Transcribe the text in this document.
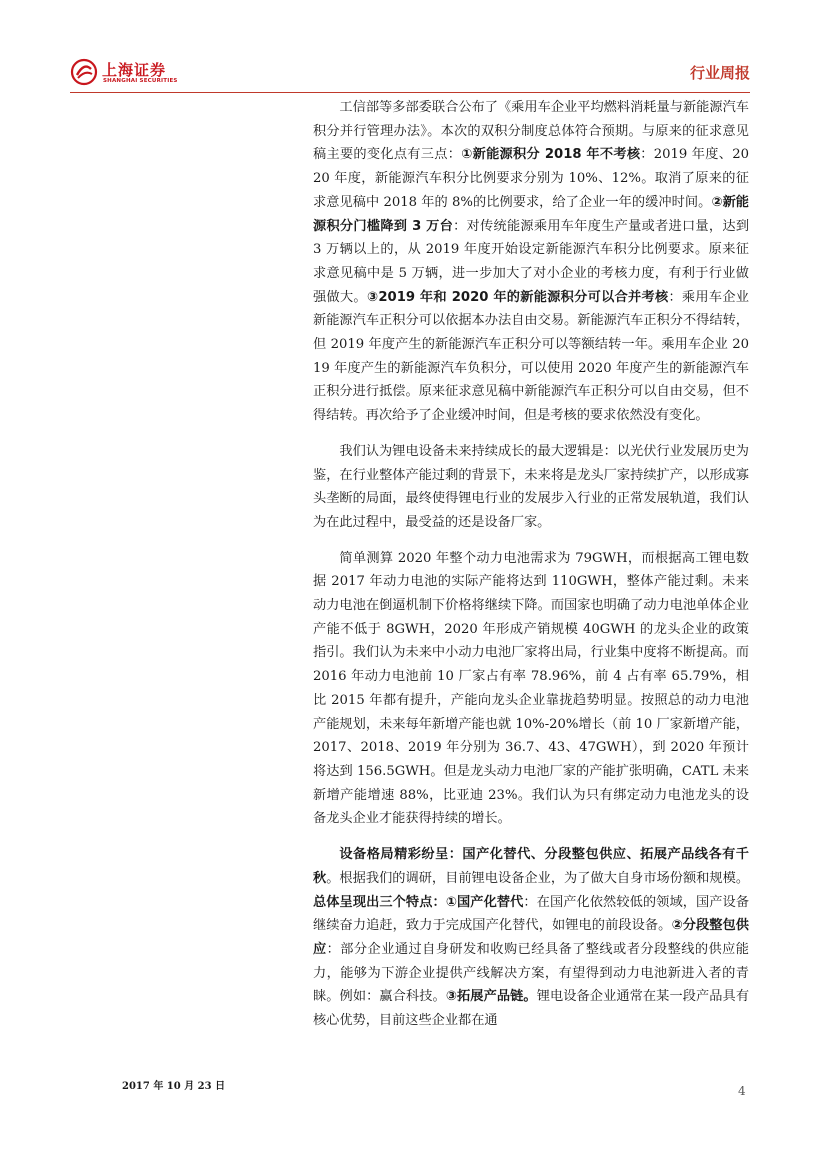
上海证券
SHANGHAI SECURITIES	行业周报

工信部等多部委联合公布了《乘用车企业平均燃料消耗量与新能源汽车积分并行管理办法》。本次的双积分制度总体符合预期。与原来的征求意见稿主要的变化点有三点：①新能源积分 2018 年不考核：2019 年度、2020 年度，新能源汽车积分比例要求分别为 10%、12%。取消了原来的征求意见稿中 2018 年的 8%的比例要求，给了企业一年的缓冲时间。②新能源积分门槛降到 3 万台：对传统能源乘用车年度生产量或者进口量，达到 3 万辆以上的，从 2019 年度开始设定新能源汽车积分比例要求。原来征求意见稿中是 5 万辆，进一步加大了对小企业的考核力度，有利于行业做强做大。③2019 年和 2020 年的新能源积分可以合并考核：乘用车企业新能源汽车正积分可以依据本办法自由交易。新能源汽车正积分不得结转，但 2019 年度产生的新能源汽车正积分可以等额结转一年。乘用车企业 2019 年度产生的新能源汽车负积分，可以使用 2020 年度产生的新能源汽车正积分进行抵偿。原来征求意见稿中新能源汽车正积分可以自由交易，但不得结转。再次给予了企业缓冲时间，但是考核的要求依然没有变化。

我们认为锂电设备未来持续成长的最大逻辑是：以光伏行业发展历史为鉴，在行业整体产能过剩的背景下，未来将是龙头厂家持续扩产，以形成寡头垄断的局面，最终使得锂电行业的发展步入行业的正常发展轨道，我们认为在此过程中，最受益的还是设备厂家。

简单测算 2020 年整个动力电池需求为 79GWH，而根据高工锂电数据 2017 年动力电池的实际产能将达到 110GWH，整体产能过剩。未来动力电池在倒逼机制下价格将继续下降。而国家也明确了动力电池单体企业产能不低于 8GWH，2020 年形成产销规模 40GWH 的龙头企业的政策指引。我们认为未来中小动力电池厂家将出局，行业集中度将不断提高。而 2016 年动力电池前 10 厂家占有率 78.96%，前 4 占有率 65.79%，相比 2015 年都有提升，产能向龙头企业靠拢趋势明显。按照总的动力电池产能规划，未来每年新增产能也就 10%-20%增长（前 10 厂家新增产能，2017、2018、2019 年分别为 36.7、43、47GWH），到 2020 年预计将达到 156.5GWH。但是龙头动力电池厂家的产能扩张明确，CATL 未来新增产能增速 88%，比亚迪 23%。我们认为只有绑定动力电池龙头的设备龙头企业才能获得持续的增长。

设备格局精彩纷呈：国产化替代、分段整包供应、拓展产品线各有千秋。根据我们的调研，目前锂电设备企业，为了做大自身市场份额和规模。总体呈现出三个特点：①国产化替代：在国产化依然较低的领域，国产设备继续奋力追赶，致力于完成国产化替代，如锂电的前段设备。②分段整包供应：部分企业通过自身研发和收购已经具备了整线或者分段整线的供应能力，能够为下游企业提供产线解决方案，有望得到动力电池新进入者的青睐。例如：赢合科技。③拓展产品链。锂电设备企业通常在某一段产品具有核心优势，目前这些企业都在通

2017 年 10 月 23 日	4
